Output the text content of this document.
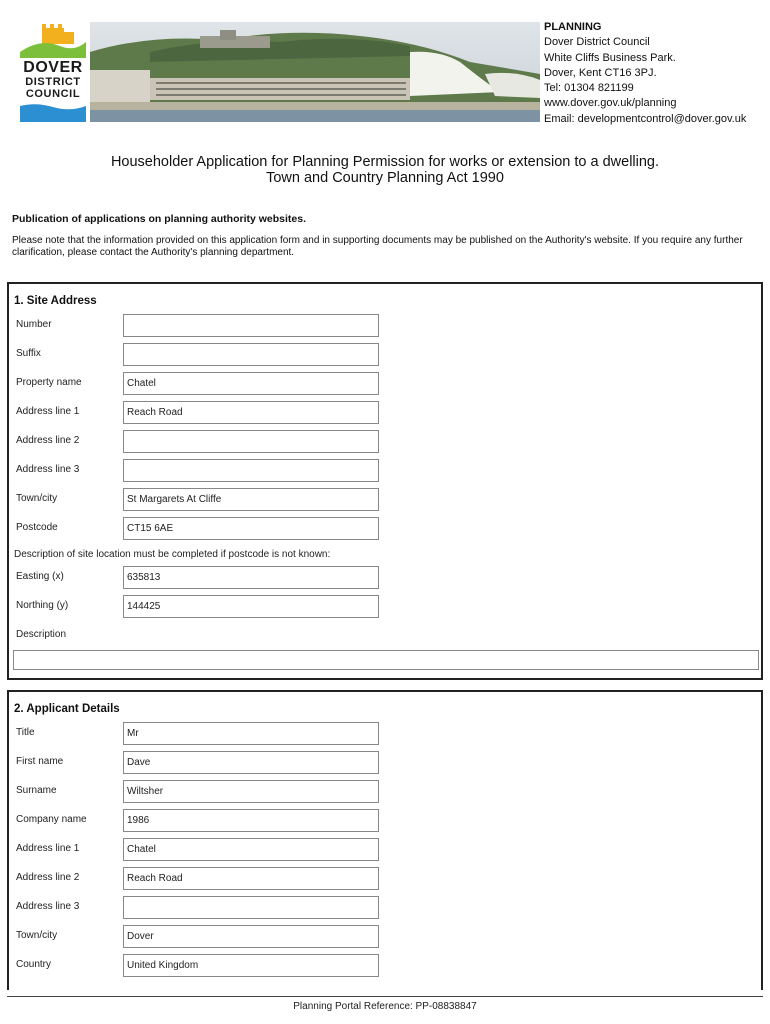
DOVER
DISTRICT
COUNCIL
PLANNING
Dover District Council
White Cliffs Business Park.
Dover, Kent CT16 3PJ.
Tel: 01304 821199
www.dover.gov.uk/planning
Email: developmentcontrol@dover.gov.uk
Householder Application for Planning Permission for works or extension to a dwelling.
Town and Country Planning Act 1990
Publication of applications on planning authority websites.
Please note that the information provided on this application form and in supporting documents may be published on the Authority's website. If you require any further clarification, please contact the Authority's planning department.
1. Site Address
Number
Suffix
Property name	Chatel
Address line 1	Reach Road
Address line 2
Address line 3
Town/city	St Margarets At Cliffe
Postcode	CT15 6AE
Description of site location must be completed if postcode is not known:
Easting (x)	635813
Northing (y)	144425
Description
2. Applicant Details
Title	Mr
First name	Dave
Surname	Wiltsher
Company name	1986
Address line 1	Chatel
Address line 2	Reach Road
Address line 3
Town/city	Dover
Country	United Kingdom
Planning Portal Reference: PP-08838847
